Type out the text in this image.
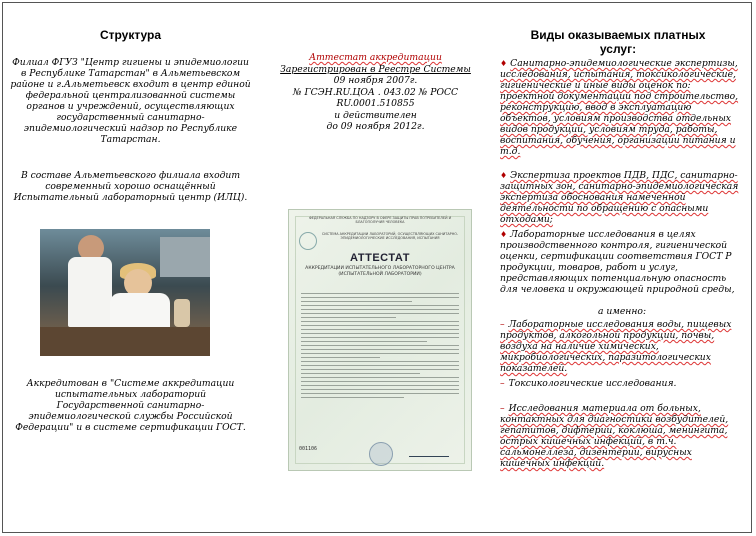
Структура

Филиал ФГУЗ "Центр гигиены и эпидемиологии в Республике Татарстан" в Альметьевском районе и г.Альметьевск входит в центр единой федеральной централизованной системы органов и учреждений, осуществляющих государственный санитарно-эпидемиологический надзор по Республике Татарстан.

В составе Альметьевского филиала входит современный хорошо оснащённый Испытательный лабораторный центр (ИЛЦ).

Аккредитован в "Системе аккредитации испытательных лабораторий Государственной санитарно-эпидемиологической службы Российской Федерации" и в системе сертификации ГОСТ.

Аттестат аккредитации
Зарегистрирован в Реестре Системы
09 ноября 2007г.
№ ГСЭН.RU.ЦОА . 043.02 № РОСС
RU.0001.510855
и действителен
до 09 ноября 2012г.
ФЕДЕРАЛЬНАЯ СЛУЖБА ПО НАДЗОРУ В СФЕРЕ ЗАЩИТЫ ПРАВ ПОТРЕБИТЕЛЕЙ И БЛАГОПОЛУЧИЯ ЧЕЛОВЕКА
СИСТЕМА АККРЕДИТАЦИИ ЛАБОРАТОРИЙ, ОСУЩЕСТВЛЯЮЩИХ САНИТАРНО-ЭПИДЕМИОЛОГИЧЕСКИЕ ИССЛЕДОВАНИЯ, ИСПЫТАНИЯ
АТТЕСТАТ
АККРЕДИТАЦИИ ИСПЫТАТЕЛЬНОГО ЛАБОРАТОРНОГО ЦЕНТРА (ИСПЫТАТЕЛЬНОЙ ЛАБОРАТОРИИ)
001106
Виды оказываемых платных услуг:

♦ Санитарно-эпидемиологические экспертизы, исследования, испытания, токсикологические, гигиенические и иные виды оценок по: проектной документации под строительство, реконструкцию, ввод в эксплуатацию объектов, условиям производства отдельных видов продукции, условиям труда, работы, воспитания, обучения, организации питания и т.д.

♦ Экспертиза проектов ПДВ, ПДС, санитарно-защитных зон, санитарно-эпидемиологическая экспертиза обоснования намеченной деятельности по обращению с опасными отходами;

♦ Лабораторные исследования в целях производственного контроля, гигиенической оценки, сертификации соответствия ГОСТ Р продукции, товаров, работ и услуг, представляющих потенциальную опасность для человека и окружающей природной среды,

а именно:

– Лабораторные исследования воды, пищевых продуктов, алкогольной продукции, почвы, воздуха на наличие химических, микробиологических, паразитологических показателей.

– Токсикологические исследования.

– Исследования материала от больных, контактных для диагностики возбудителей, гепатитов, дифтерии, коклюша, менингита, острых кишечных инфекций, в т.ч. сальмонеллеза, дизентерии, вирусных кишечных инфекций.
